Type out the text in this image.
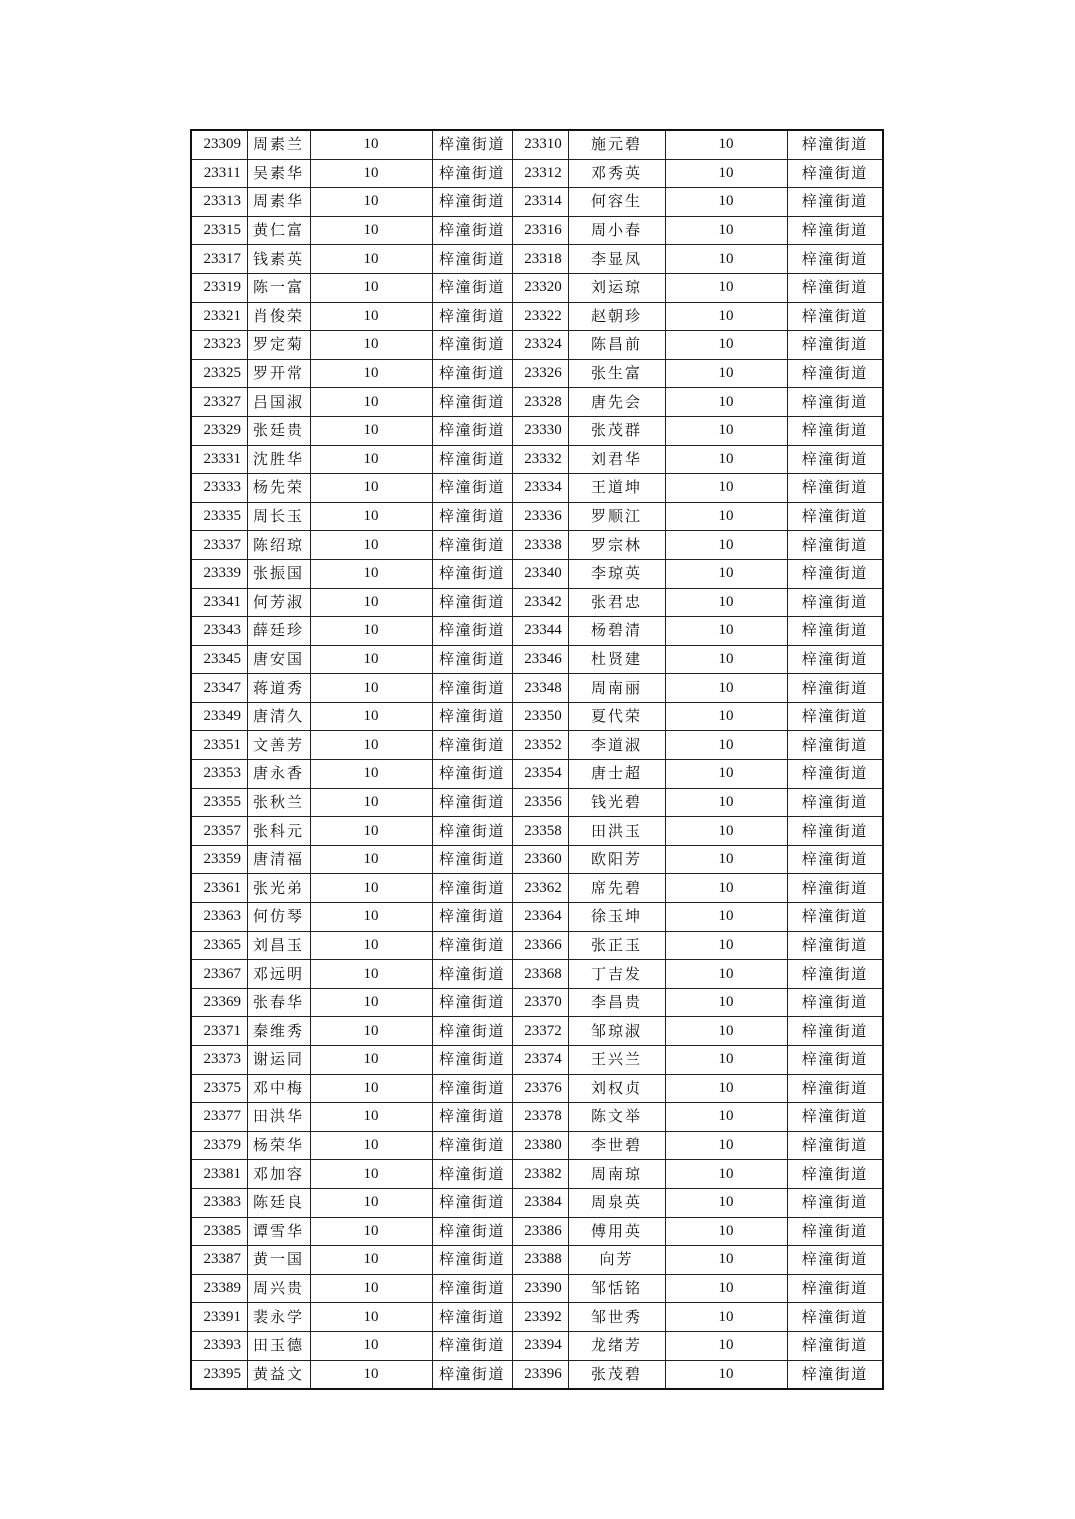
23309	周素兰	10	梓潼街道	23310	施元碧	10	梓潼街道
23311	吴素华	10	梓潼街道	23312	邓秀英	10	梓潼街道
23313	周素华	10	梓潼街道	23314	何容生	10	梓潼街道
23315	黄仁富	10	梓潼街道	23316	周小春	10	梓潼街道
23317	钱素英	10	梓潼街道	23318	李显凤	10	梓潼街道
23319	陈一富	10	梓潼街道	23320	刘运琼	10	梓潼街道
23321	肖俊荣	10	梓潼街道	23322	赵朝珍	10	梓潼街道
23323	罗定菊	10	梓潼街道	23324	陈昌前	10	梓潼街道
23325	罗开常	10	梓潼街道	23326	张生富	10	梓潼街道
23327	吕国淑	10	梓潼街道	23328	唐先会	10	梓潼街道
23329	张廷贵	10	梓潼街道	23330	张茂群	10	梓潼街道
23331	沈胜华	10	梓潼街道	23332	刘君华	10	梓潼街道
23333	杨先荣	10	梓潼街道	23334	王道坤	10	梓潼街道
23335	周长玉	10	梓潼街道	23336	罗顺江	10	梓潼街道
23337	陈绍琼	10	梓潼街道	23338	罗宗林	10	梓潼街道
23339	张振国	10	梓潼街道	23340	李琼英	10	梓潼街道
23341	何芳淑	10	梓潼街道	23342	张君忠	10	梓潼街道
23343	薛廷珍	10	梓潼街道	23344	杨碧清	10	梓潼街道
23345	唐安国	10	梓潼街道	23346	杜贤建	10	梓潼街道
23347	蒋道秀	10	梓潼街道	23348	周南丽	10	梓潼街道
23349	唐清久	10	梓潼街道	23350	夏代荣	10	梓潼街道
23351	文善芳	10	梓潼街道	23352	李道淑	10	梓潼街道
23353	唐永香	10	梓潼街道	23354	唐士超	10	梓潼街道
23355	张秋兰	10	梓潼街道	23356	钱光碧	10	梓潼街道
23357	张科元	10	梓潼街道	23358	田洪玉	10	梓潼街道
23359	唐清福	10	梓潼街道	23360	欧阳芳	10	梓潼街道
23361	张光弟	10	梓潼街道	23362	席先碧	10	梓潼街道
23363	何仿琴	10	梓潼街道	23364	徐玉坤	10	梓潼街道
23365	刘昌玉	10	梓潼街道	23366	张正玉	10	梓潼街道
23367	邓远明	10	梓潼街道	23368	丁吉发	10	梓潼街道
23369	张春华	10	梓潼街道	23370	李昌贵	10	梓潼街道
23371	秦维秀	10	梓潼街道	23372	邹琼淑	10	梓潼街道
23373	谢运同	10	梓潼街道	23374	王兴兰	10	梓潼街道
23375	邓中梅	10	梓潼街道	23376	刘权贞	10	梓潼街道
23377	田洪华	10	梓潼街道	23378	陈文举	10	梓潼街道
23379	杨荣华	10	梓潼街道	23380	李世碧	10	梓潼街道
23381	邓加容	10	梓潼街道	23382	周南琼	10	梓潼街道
23383	陈廷良	10	梓潼街道	23384	周泉英	10	梓潼街道
23385	谭雪华	10	梓潼街道	23386	傅用英	10	梓潼街道
23387	黄一国	10	梓潼街道	23388	向芳	10	梓潼街道
23389	周兴贵	10	梓潼街道	23390	邹恬铭	10	梓潼街道
23391	裴永学	10	梓潼街道	23392	邹世秀	10	梓潼街道
23393	田玉德	10	梓潼街道	23394	龙绪芳	10	梓潼街道
23395	黄益文	10	梓潼街道	23396	张茂碧	10	梓潼街道
